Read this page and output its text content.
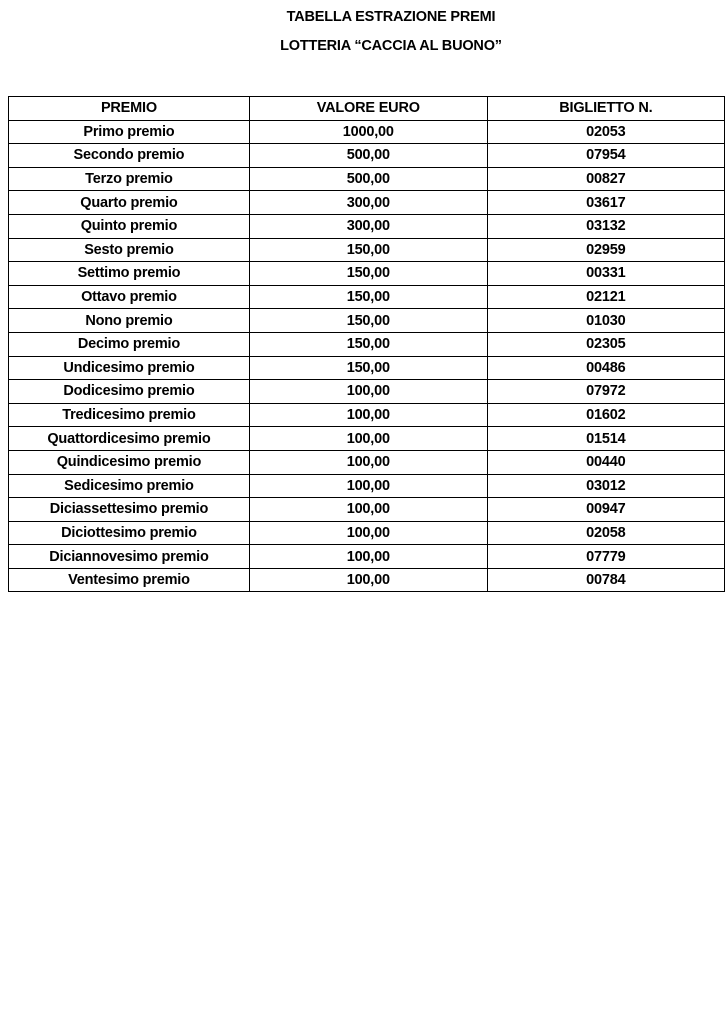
TABELLA ESTRAZIONE PREMI
LOTTERIA “CACCIA AL BUONO”
PREMIO	VALORE EURO	BIGLIETTO N.
Primo premio	1000,00	02053
Secondo premio	500,00	07954
Terzo premio	500,00	00827
Quarto premio	300,00	03617
Quinto premio	300,00	03132
Sesto premio	150,00	02959
Settimo premio	150,00	00331
Ottavo premio	150,00	02121
Nono premio	150,00	01030
Decimo premio	150,00	02305
Undicesimo premio	150,00	00486
Dodicesimo premio	100,00	07972
Tredicesimo premio	100,00	01602
Quattordicesimo premio	100,00	01514
Quindicesimo premio	100,00	00440
Sedicesimo premio	100,00	03012
Diciassettesimo premio	100,00	00947
Diciottesimo premio	100,00	02058
Diciannovesimo premio	100,00	07779
Ventesimo premio	100,00	00784
